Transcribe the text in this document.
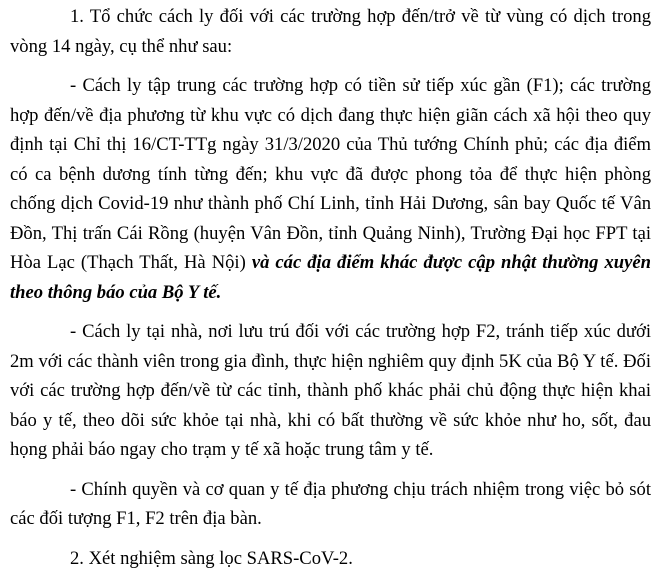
1. Tổ chức cách ly đối với các trường hợp đến/trở về từ vùng có dịch trong vòng 14 ngày, cụ thể như sau:

- Cách ly tập trung các trường hợp có tiền sử tiếp xúc gần (F1); các trường hợp đến/về địa phương từ khu vực có dịch đang thực hiện giãn cách xã hội theo quy định tại Chỉ thị 16/CT-TTg ngày 31/3/2020 của Thủ tướng Chính phủ; các địa điểm có ca bệnh dương tính từng đến; khu vực đã được phong tỏa để thực hiện phòng chống dịch Covid-19 như thành phố Chí Linh, tỉnh Hải Dương, sân bay Quốc tế Vân Đồn, Thị trấn Cái Rồng (huyện Vân Đồn, tỉnh Quảng Ninh), Trường Đại học FPT tại Hòa Lạc (Thạch Thất, Hà Nội) và các địa điểm khác được cập nhật thường xuyên theo thông báo của Bộ Y tế.

- Cách ly tại nhà, nơi lưu trú đối với các trường hợp F2, tránh tiếp xúc dưới 2m với các thành viên trong gia đình, thực hiện nghiêm quy định 5K của Bộ Y tế. Đối với các trường hợp đến/về từ các tỉnh, thành phố khác phải chủ động thực hiện khai báo y tế, theo dõi sức khỏe tại nhà, khi có bất thường về sức khỏe như ho, sốt, đau họng phải báo ngay cho trạm y tế xã hoặc trung tâm y tế.

- Chính quyền và cơ quan y tế địa phương chịu trách nhiệm trong việc bỏ sót các đối tượng F1, F2 trên địa bàn.

2. Xét nghiệm sàng lọc SARS-CoV-2.
